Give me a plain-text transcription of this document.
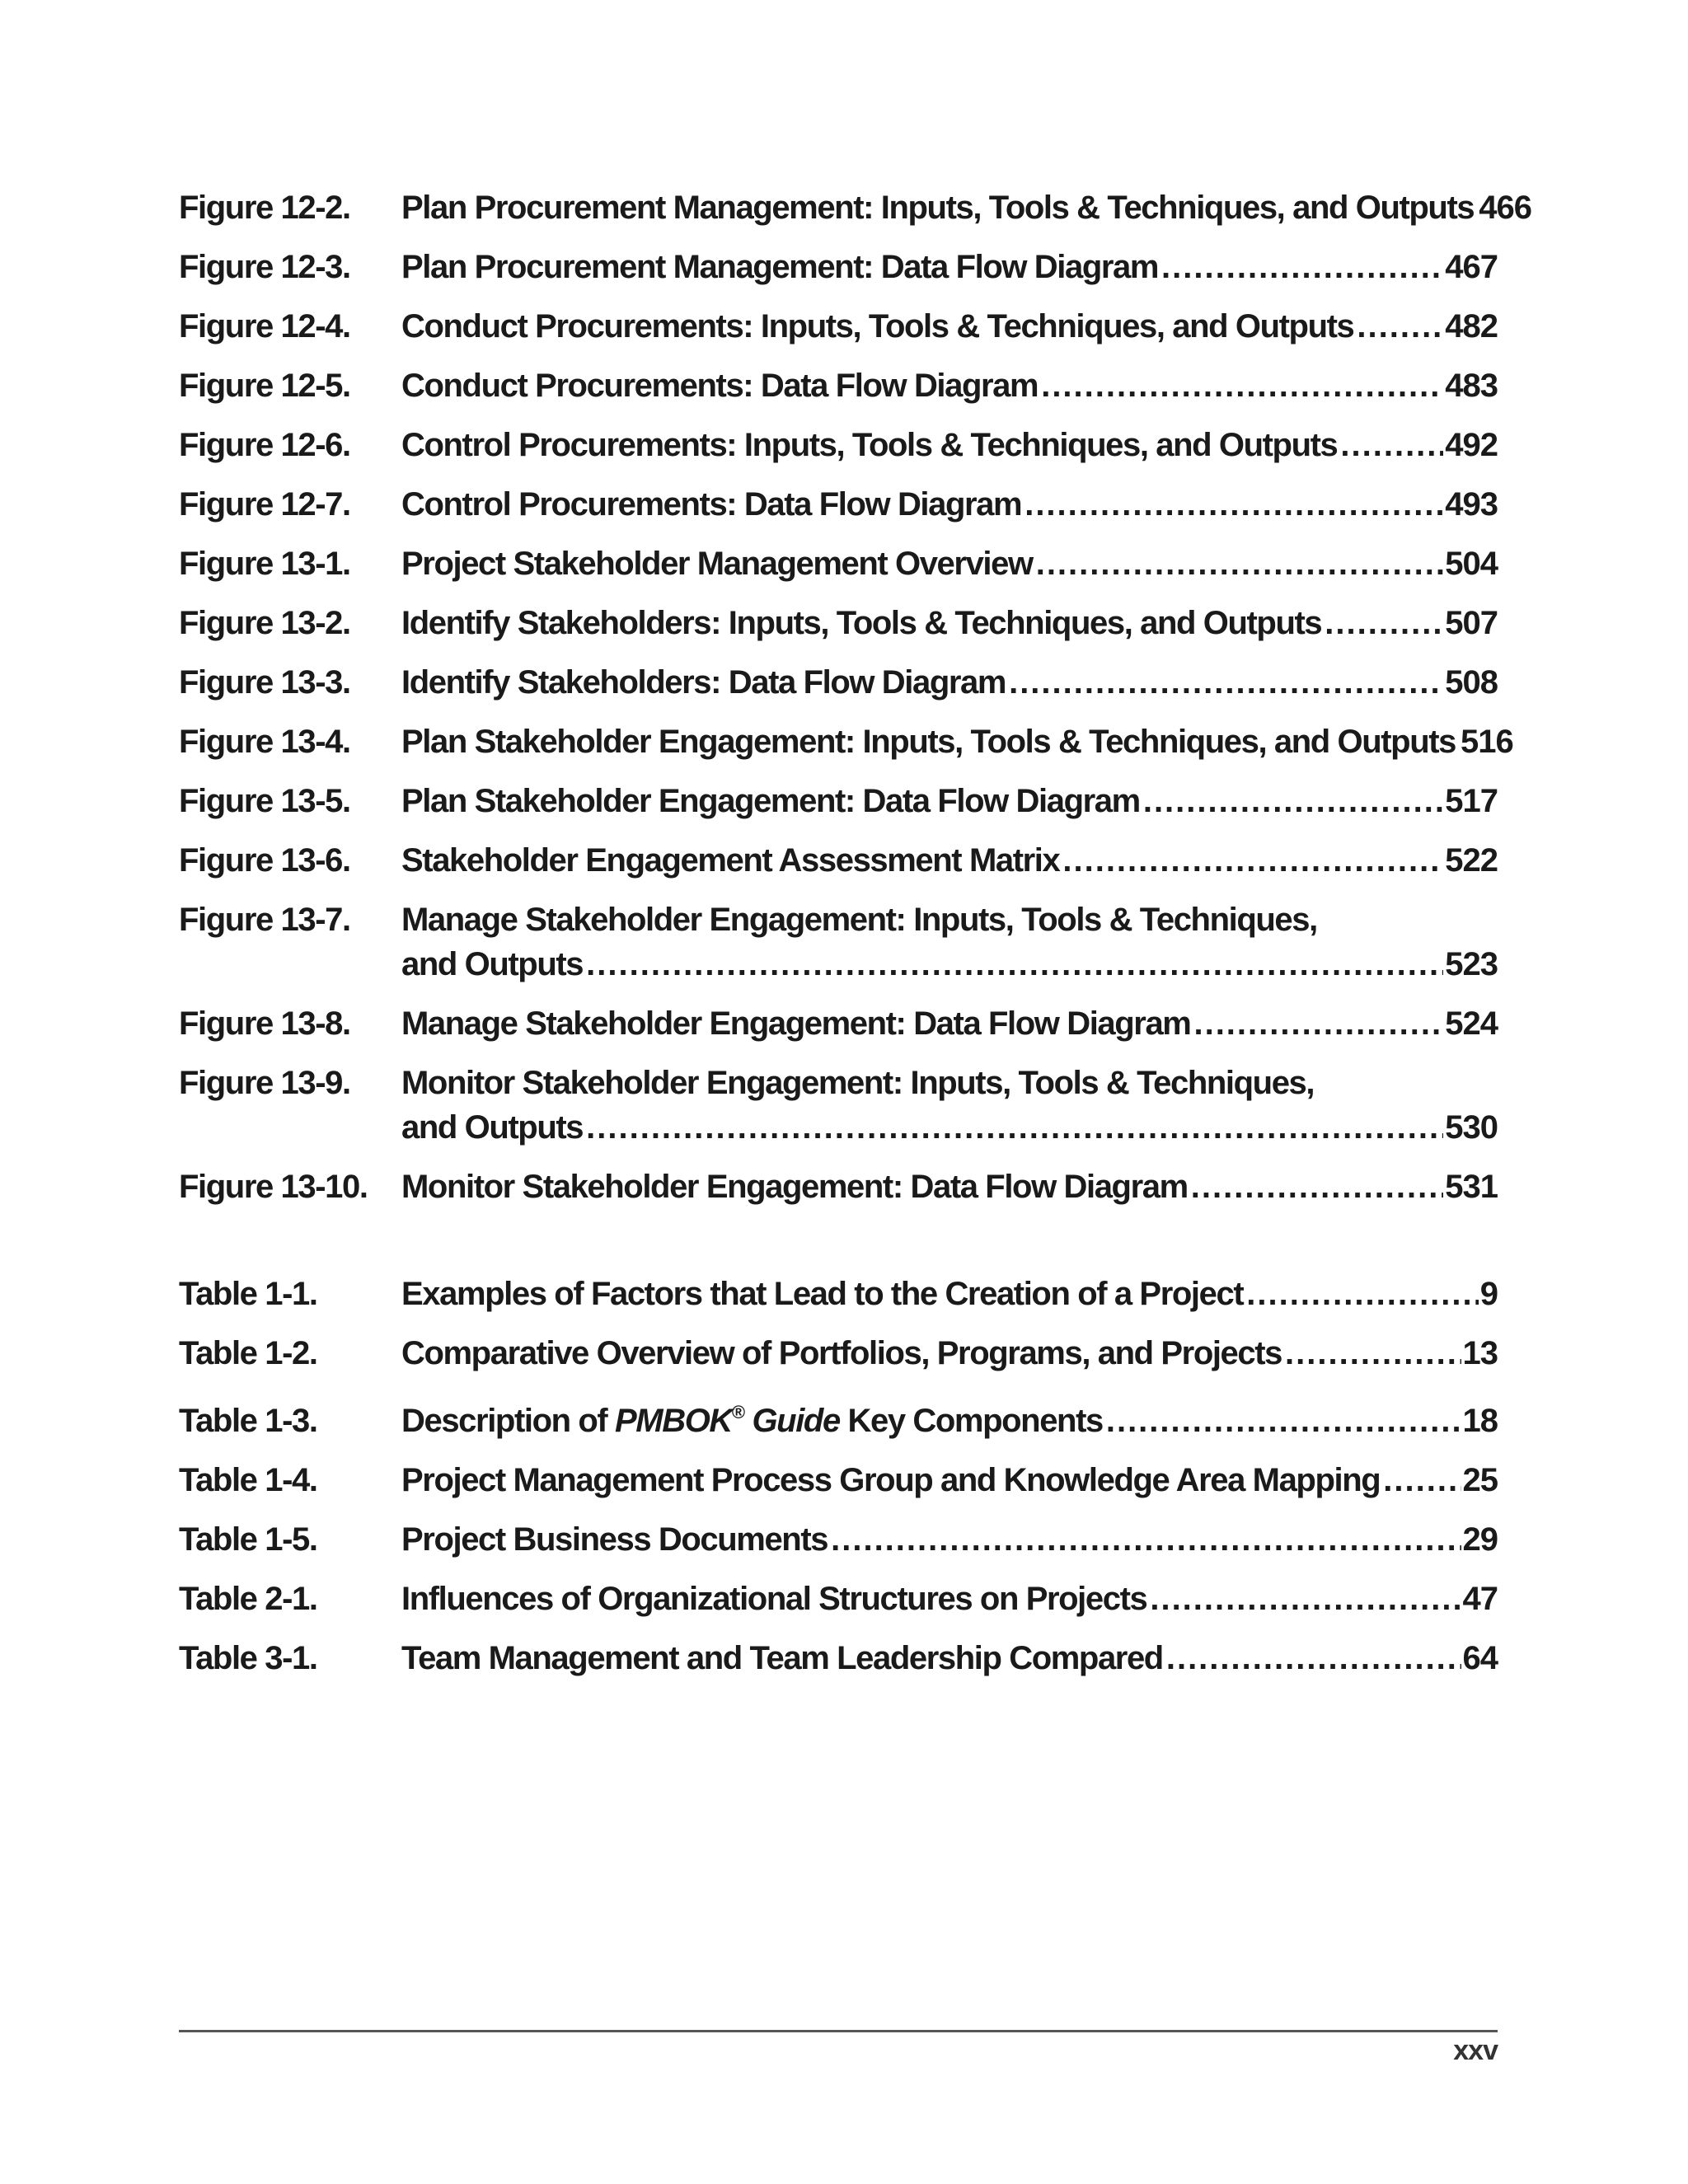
Figure 12-2.	Plan Procurement Management: Inputs, Tools & Techniques, and Outputs ..... 466
Figure 12-3.	Plan Procurement Management: Data Flow Diagram .....	467
Figure 12-4.	Conduct Procurements: Inputs, Tools & Techniques, and Outputs .....	482
Figure 12-5.	Conduct Procurements: Data Flow Diagram .....	483
Figure 12-6.	Control Procurements: Inputs, Tools & Techniques, and Outputs .....	492
Figure 12-7.	Control Procurements: Data Flow Diagram .....	493
Figure 13-1.	Project Stakeholder Management Overview .....	504
Figure 13-2.	Identify Stakeholders: Inputs, Tools & Techniques, and Outputs .....	507
Figure 13-3.	Identify Stakeholders: Data Flow Diagram .....	508
Figure 13-4.	Plan Stakeholder Engagement: Inputs, Tools & Techniques, and Outputs ..... 516
Figure 13-5.	Plan Stakeholder Engagement: Data Flow Diagram .....	517
Figure 13-6.	Stakeholder Engagement Assessment Matrix .....	522
Figure 13-7.	Manage Stakeholder Engagement: Inputs, Tools & Techniques,
and Outputs .....	523
Figure 13-8.	Manage Stakeholder Engagement: Data Flow Diagram .....	524
Figure 13-9.	Monitor Stakeholder Engagement: Inputs, Tools & Techniques,
and Outputs .....	530
Figure 13-10.	Monitor Stakeholder Engagement: Data Flow Diagram .....	531
Table 1-1.	Examples of Factors that Lead to the Creation of a Project .....	9
Table 1-2.	Comparative Overview of Portfolios, Programs, and Projects .....	13
Table 1-3.	Description of PMBOK® Guide Key Components .....	18
Table 1-4.	Project Management Process Group and Knowledge Area Mapping .....	25
Table 1-5.	Project Business Documents .....	29
Table 2-1.	Influences of Organizational Structures on Projects .....	47
Table 3-1.	Team Management and Team Leadership Compared .....	64
xxv
